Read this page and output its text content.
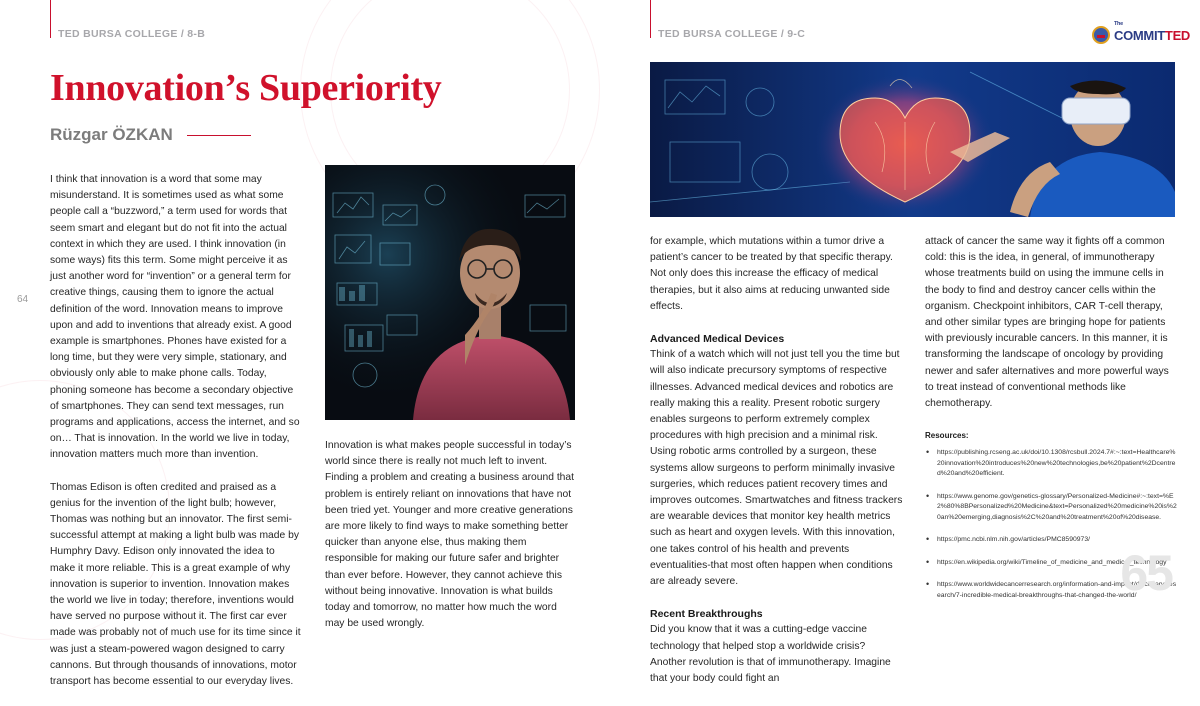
TED BURSA COLLEGE / 8-B
Innovation’s Superiority
Rüzgar ÖZKAN
64

I think that innovation is a word that some may misunderstand. It is sometimes used as what some people call a “buzzword,” a term used for words that seem smart and elegant but do not fit into the actual context in which they are used. I think innovation (in some ways) fits this term. Some might perceive it as just another word for “invention” or a general term for creative things, causing them to ignore the actual definition of the word. Innovation means to improve upon and add to inventions that already exist. A good example is smartphones. Phones have existed for a long time, but they were very simple, stationary, and obviously only able to make phone calls. Today, phoning someone has become a secondary objective of smartphones. They can send text messages, run programs and applications, access the internet, and so on… That is innovation. In the world we live in today, innovation matters much more than invention.

Thomas Edison is often credited and praised as a genius for the invention of the light bulb; however, Thomas was nothing but an innovator. The first semi-successful attempt at making a light bulb was made by Humphry Davy. Edison only innovated the idea to make it more reliable. This is a great example of why innovation is superior to invention. Innovation makes the world we live in today; therefore, inventions would have served no purpose without it. The first car ever made was probably not of much use for its time since it was just a steam-powered wagon designed to carry cannons. But through thousands of innovations, motor transport has become essential to our everyday lives.

Innovation is what makes people successful in today’s world since there is really not much left to invent. Finding a problem and creating a business around that problem is entirely reliant on innovations that have not been tried yet. Younger and more creative generations are more likely to find ways to make something better quicker than anyone else, thus making them responsible for making our future safer and brighter than ever before. However, they cannot achieve this without being innovative. Innovation is what builds today and tomorrow, no matter how much the word may be used wrongly.

TED BURSA COLLEGE / 9-C
The
COMMITTED

for example, which mutations within a tumor drive a patient’s cancer to be treated by that specific therapy. Not only does this increase the efficacy of medical therapies, but it also aims at reducing unwanted side effects.

Advanced Medical Devices

Think of a watch which will not just tell you the time but will also indicate precursory symptoms of respective illnesses. Advanced medical devices and robotics are really making this a reality. Present robotic surgery enables surgeons to perform extremely complex procedures with high precision and a minimal risk. Using robotic arms controlled by a surgeon, these systems allow surgeons to perform minimally invasive surgeries, which reduces patient recovery times and improves outcomes. Smartwatches and fitness trackers are wearable devices that monitor key health metrics such as heart and oxygen levels. With this innovation, one takes control of his health and prevents eventualities-that most often happen when conditions are already severe.

Recent Breakthroughs

Did you know that it was a cutting-edge vaccine technology that helped stop a worldwide crisis? Another revolution is that of immunotherapy. Imagine that your body could fight an

attack of cancer the same way it fights off a common cold: this is the idea, in general, of immunotherapy whose treatments build on using the immune cells in the body to find and destroy cancer cells within the organism. Checkpoint inhibitors, CAR T-cell therapy, and other similar types are bringing hope for patients with previously incurable cancers. In this manner, it is transforming the landscape of oncology by providing newer and safer alternatives and more powerful ways to treat instead of conventional methods like chemotherapy.

Resources:
• https://publishing.rcseng.ac.uk/doi/10.1308/rcsbull.2024.7#:~:text=Healthcare%20innovation%20introduces%20new%20technologies,be%20patient%2Dcentred%20and%20efficient.
• https://www.genome.gov/genetics-glossary/Personalized-Medicine#:~:text=%E2%80%8BPersonalized%20Medicine&text=Personalized%20medicine%20is%20an%20emerging,diagnosis%2C%20and%20treatment%20of%20disease.
• https://pmc.ncbi.nlm.nih.gov/articles/PMC8590973/
• https://en.wikipedia.org/wiki/Timeline_of_medicine_and_medical_technology
• https://www.worldwidecancerresearch.org/information-and-impact/discovery-research/7-incredible-medical-breakthroughs-that-changed-the-world/
65
